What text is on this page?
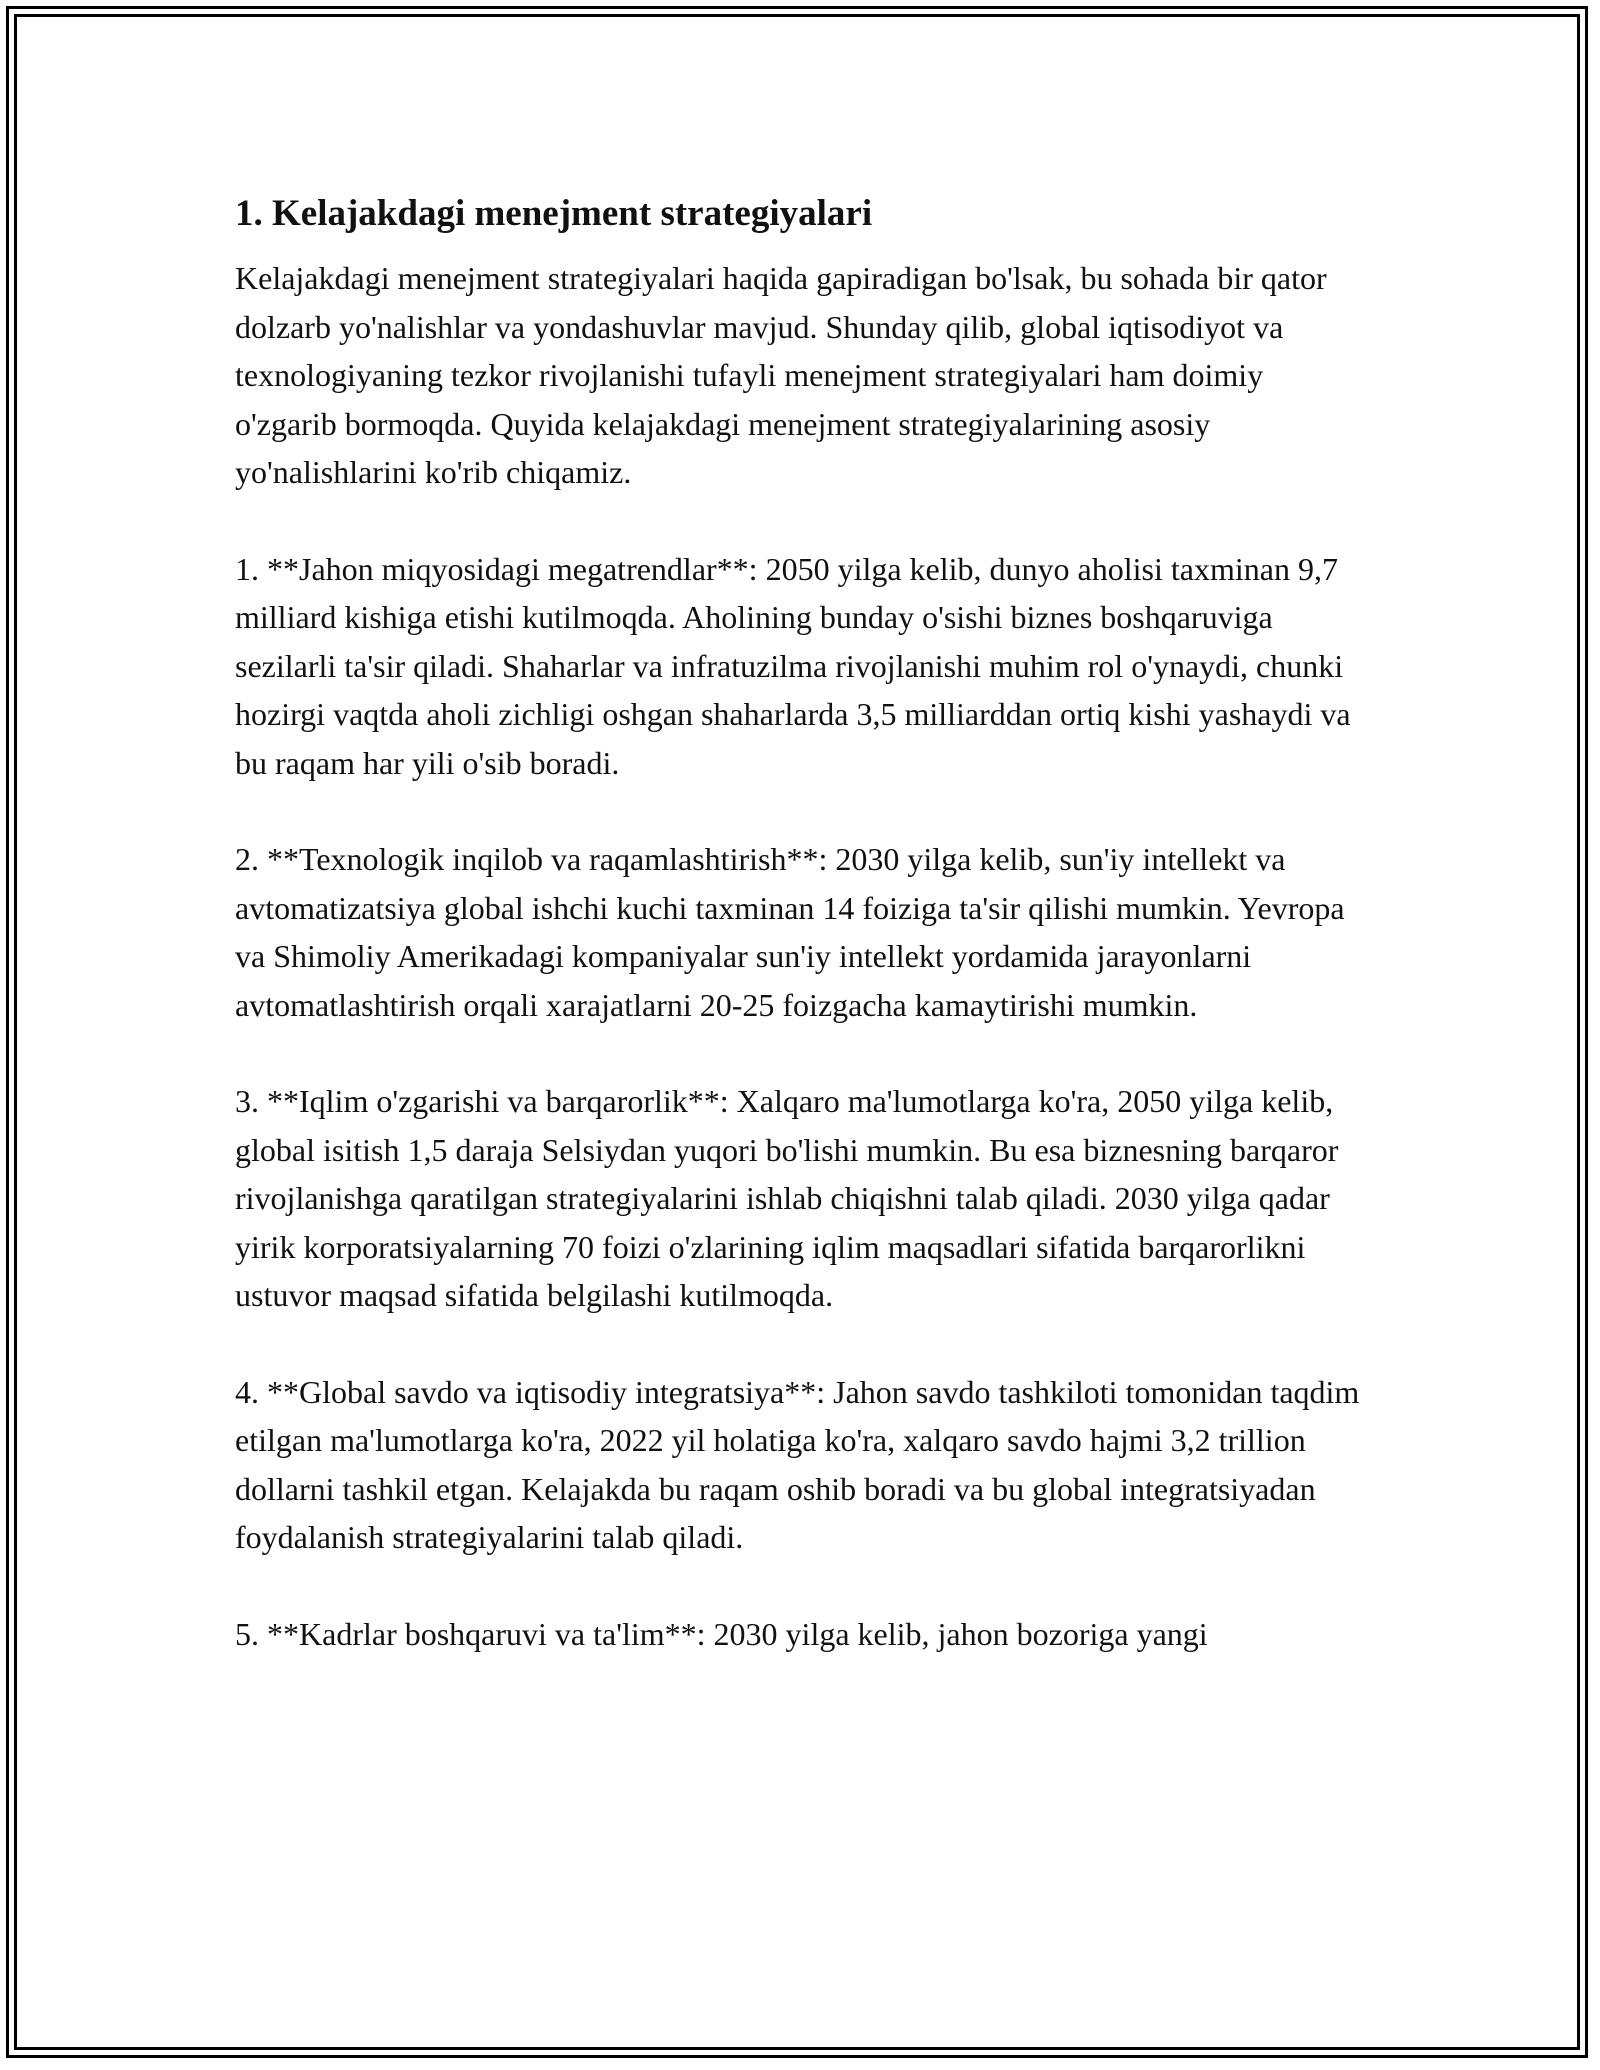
1. Kelajakdagi menejment strategiyalari

Kelajakdagi menejment strategiyalari haqida gapiradigan bo'lsak, bu sohada bir qator dolzarb yo'nalishlar va yondashuvlar mavjud. Shunday qilib, global iqtisodiyot va texnologiyaning tezkor rivojlanishi tufayli menejment strategiyalari ham doimiy o'zgarib bormoqda. Quyida kelajakdagi menejment strategiyalarining asosiy yo'nalishlarini ko'rib chiqamiz.

1. **Jahon miqyosidagi megatrendlar**: 2050 yilga kelib, dunyo aholisi taxminan 9,7 milliard kishiga etishi kutilmoqda. Aholining bunday o'sishi biznes boshqaruviga sezilarli ta'sir qiladi. Shaharlar va infratuzilma rivojlanishi muhim rol o'ynaydi, chunki hozirgi vaqtda aholi zichligi oshgan shaharlarda 3,5 milliarddan ortiq kishi yashaydi va bu raqam har yili o'sib boradi.

2. **Texnologik inqilob va raqamlashtirish**: 2030 yilga kelib, sun'iy intellekt va avtomatizatsiya global ishchi kuchi taxminan 14 foiziga ta'sir qilishi mumkin. Yevropa va Shimoliy Amerikadagi kompaniyalar sun'iy intellekt yordamida jarayonlarni avtomatlashtirish orqali xarajatlarni 20-25 foizgacha kamaytirishi mumkin.

3. **Iqlim o'zgarishi va barqarorlik**: Xalqaro ma'lumotlarga ko'ra, 2050 yilga kelib, global isitish 1,5 daraja Selsiydan yuqori bo'lishi mumkin. Bu esa biznesning barqaror rivojlanishga qaratilgan strategiyalarini ishlab chiqishni talab qiladi. 2030 yilga qadar yirik korporatsiyalarning 70 foizi o'zlarining iqlim maqsadlari sifatida barqarorlikni ustuvor maqsad sifatida belgilashi kutilmoqda.

4. **Global savdo va iqtisodiy integratsiya**: Jahon savdo tashkiloti tomonidan taqdim etilgan ma'lumotlarga ko'ra, 2022 yil holatiga ko'ra, xalqaro savdo hajmi 3,2 trillion dollarni tashkil etgan. Kelajakda bu raqam oshib boradi va bu global integratsiyadan foydalanish strategiyalarini talab qiladi.

5. **Kadrlar boshqaruvi va ta'lim**: 2030 yilga kelib, jahon bozoriga yangi
